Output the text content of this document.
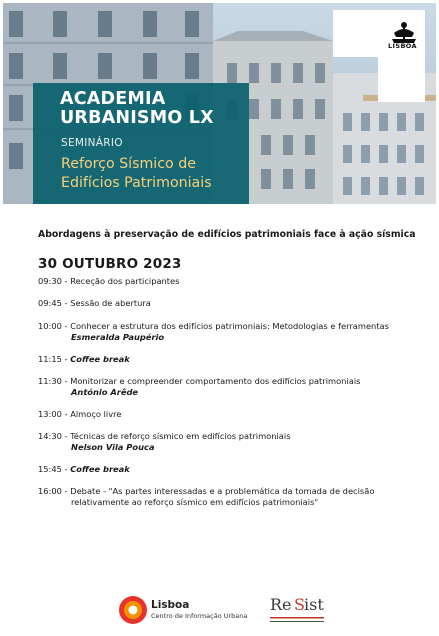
ACADEMIA
URBANISMO LX
SEMINÁRIO
Reforço Sísmico de
Edifícios Patrimoniais
LISBOA
Abordagens à preservação de edifícios patrimoniais face à ação sísmica
30 OUTUBRO 2023
09:30 - Receção dos participantes
09:45 - Sessão de abertura
10:00 - Conhecer a estrutura dos edifícios patrimoniais: Metodologias e ferramentas
Esmeralda Paupério
11:15 - Coffee break
11:30 - Monitorizar e compreender comportamento dos edifícios patrimoniais
António Arêde
13:00 - Almoço livre
14:30 - Técnicas de reforço sísmico em edifícios patrimoniais
Nelson Vila Pouca
15:45 - Coffee break
16:00 - Debate - "As partes interessadas e a problemática da tomada de decisão
relativamente ao reforço sísmico em edifícios patrimoniais"
Lisboa
Centro de Informação Urbana
Re S ist
